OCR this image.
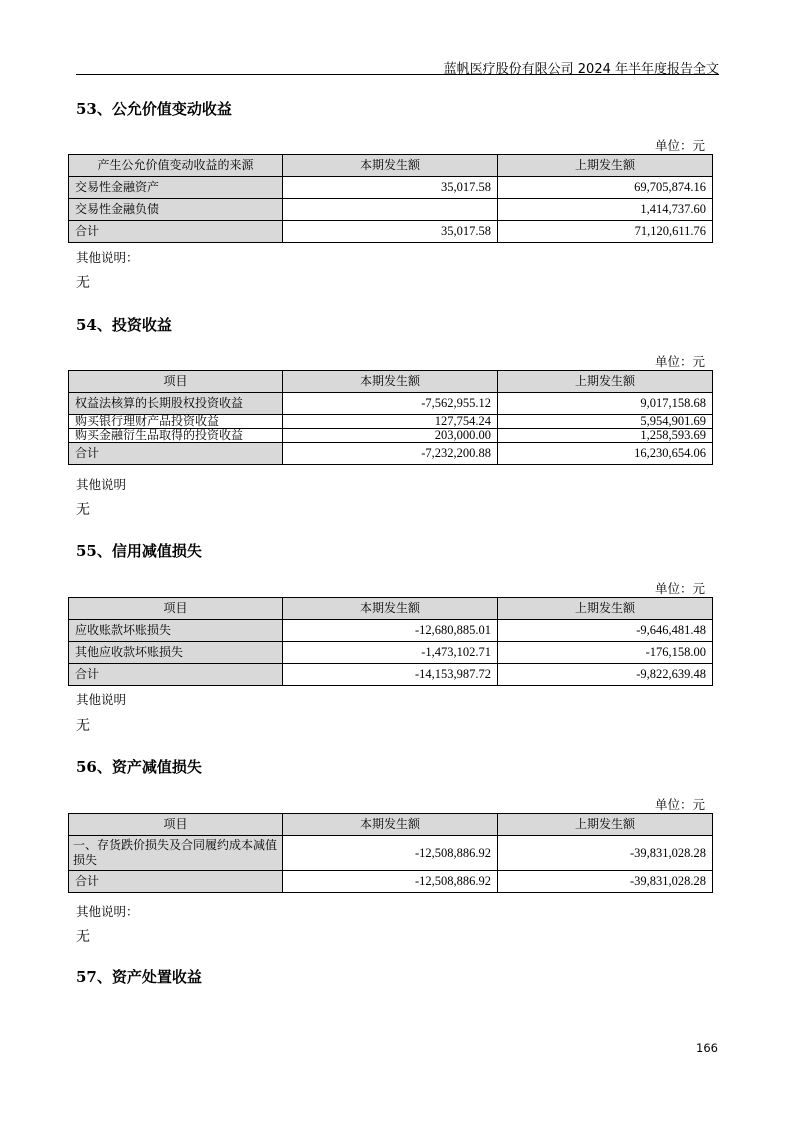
蓝帆医疗股份有限公司 2024 年半年度报告全文
53、公允价值变动收益
单位：元
产生公允价值变动收益的来源	本期发生额	上期发生额
交易性金融资产	35,017.58	69,705,874.16
交易性金融负债		1,414,737.60
合计	35,017.58	71,120,611.76
其他说明：
无
54、投资收益
单位：元
项目	本期发生额	上期发生额
权益法核算的长期股权投资收益	-7,562,955.12	9,017,158.68
购买银行理财产品投资收益	127,754.24	5,954,901.69
购买金融衍生品取得的投资收益	203,000.00	1,258,593.69
合计	-7,232,200.88	16,230,654.06
其他说明
无
55、信用减值损失
单位：元
项目	本期发生额	上期发生额
应收账款坏账损失	-12,680,885.01	-9,646,481.48
其他应收款坏账损失	-1,473,102.71	-176,158.00
合计	-14,153,987.72	-9,822,639.48
其他说明
无
56、资产减值损失
单位：元
项目	本期发生额	上期发生额
一、存货跌价损失及合同履约成本减值损失	-12,508,886.92	-39,831,028.28
合计	-12,508,886.92	-39,831,028.28
其他说明：
无
57、资产处置收益
166
